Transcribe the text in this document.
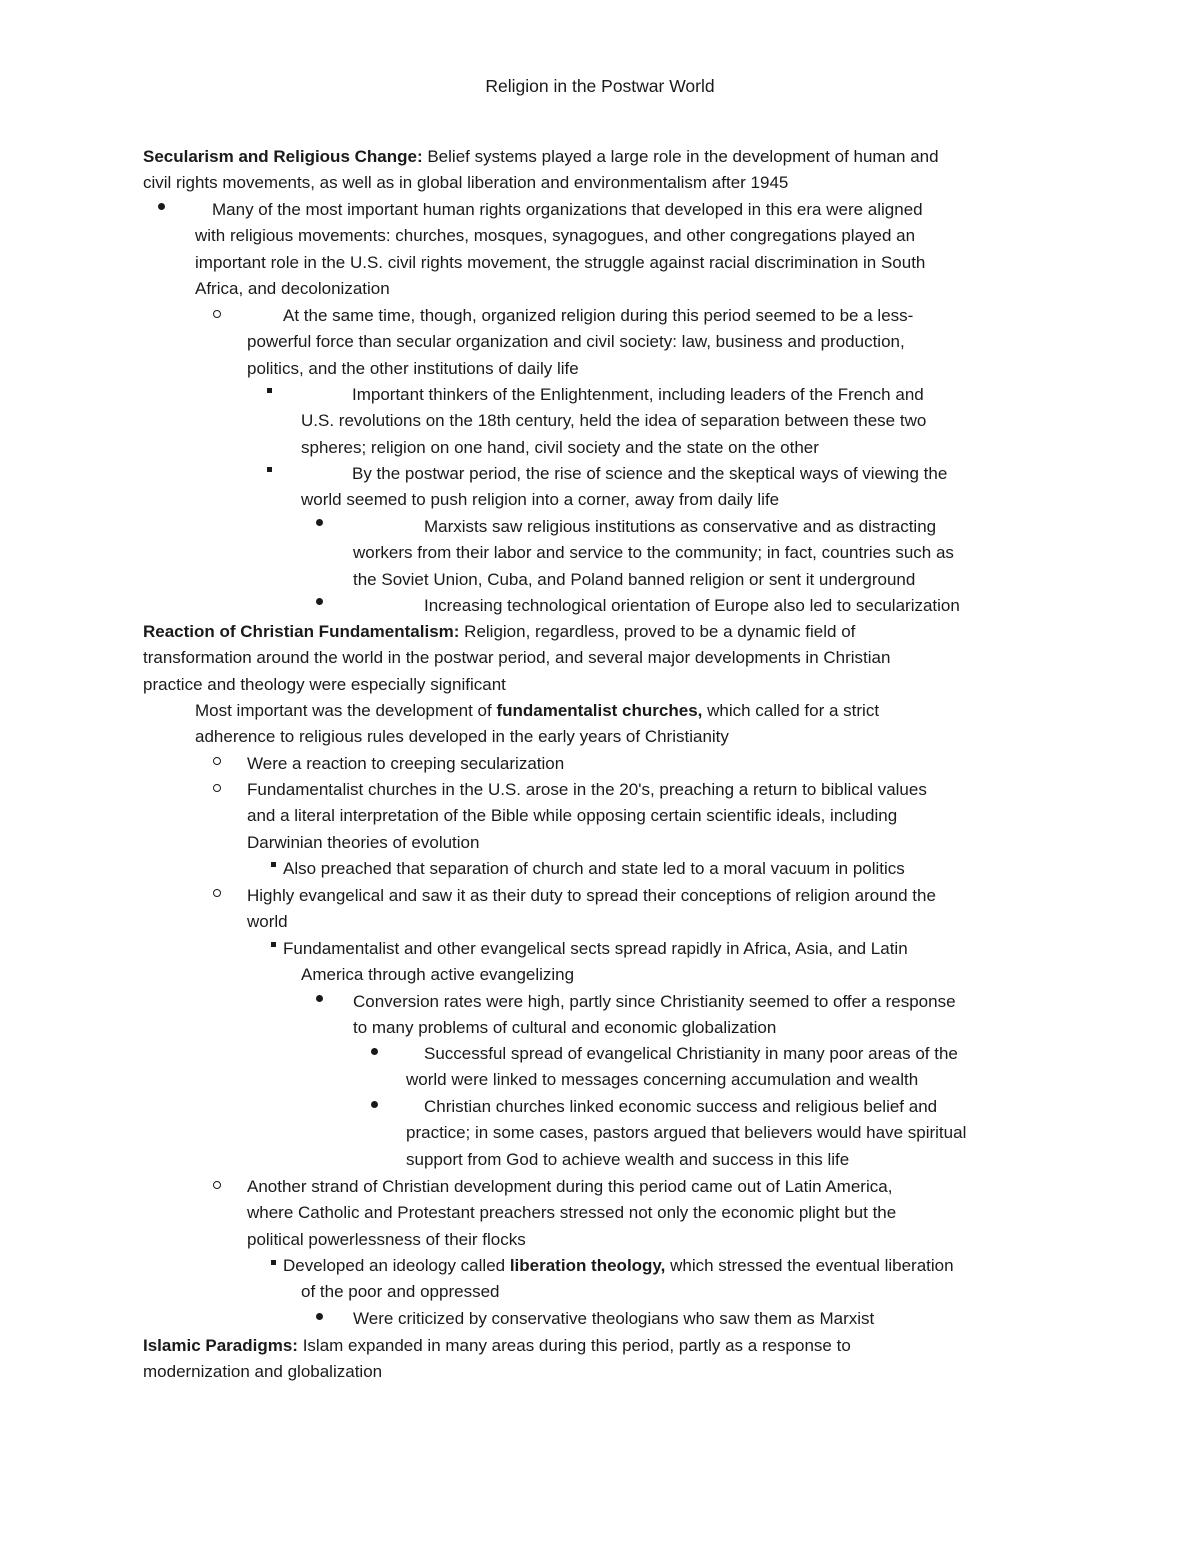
Religion in the Postwar World

Secularism and Religious Change: Belief systems played a large role in the development of human and

civil rights movements, as well as in global liberation and environmentalism after 1945

Many of the most important human rights organizations that developed in this era were aligned

with religious movements: churches, mosques, synagogues, and other congregations played an

important role in the U.S. civil rights movement, the struggle against racial discrimination in South

Africa, and decolonization

At the same time, though, organized religion during this period seemed to be a less-

powerful force than secular organization and civil society: law, business and production,

politics, and the other institutions of daily life

Important thinkers of the Enlightenment, including leaders of the French and

U.S. revolutions on the 18th century, held the idea of separation between these two

spheres; religion on one hand, civil society and the state on the other

By the postwar period, the rise of science and the skeptical ways of viewing the

world seemed to push religion into a corner, away from daily life

Marxists saw religious institutions as conservative and as distracting

workers from their labor and service to the community; in fact, countries such as

the Soviet Union, Cuba, and Poland banned religion or sent it underground

Increasing technological orientation of Europe also led to secularization

Reaction of Christian Fundamentalism: Religion, regardless, proved to be a dynamic field of

transformation around the world in the postwar period, and several major developments in Christian

practice and theology were especially significant

Most important was the development of fundamentalist churches, which called for a strict

adherence to religious rules developed in the early years of Christianity

Were a reaction to creeping secularization

Fundamentalist churches in the U.S. arose in the 20's, preaching a return to biblical values

and a literal interpretation of the Bible while opposing certain scientific ideals, including

Darwinian theories of evolution

Also preached that separation of church and state led to a moral vacuum in politics

Highly evangelical and saw it as their duty to spread their conceptions of religion around the

world

Fundamentalist and other evangelical sects spread rapidly in Africa, Asia, and Latin

America through active evangelizing

Conversion rates were high, partly since Christianity seemed to offer a response

to many problems of cultural and economic globalization

Successful spread of evangelical Christianity in many poor areas of the

world were linked to messages concerning accumulation and wealth

Christian churches linked economic success and religious belief and

practice; in some cases, pastors argued that believers would have spiritual

support from God to achieve wealth and success in this life

Another strand of Christian development during this period came out of Latin America,

where Catholic and Protestant preachers stressed not only the economic plight but the

political powerlessness of their flocks

Developed an ideology called liberation theology, which stressed the eventual liberation

of the poor and oppressed

Were criticized by conservative theologians who saw them as Marxist

Islamic Paradigms: Islam expanded in many areas during this period, partly as a response to

modernization and globalization
